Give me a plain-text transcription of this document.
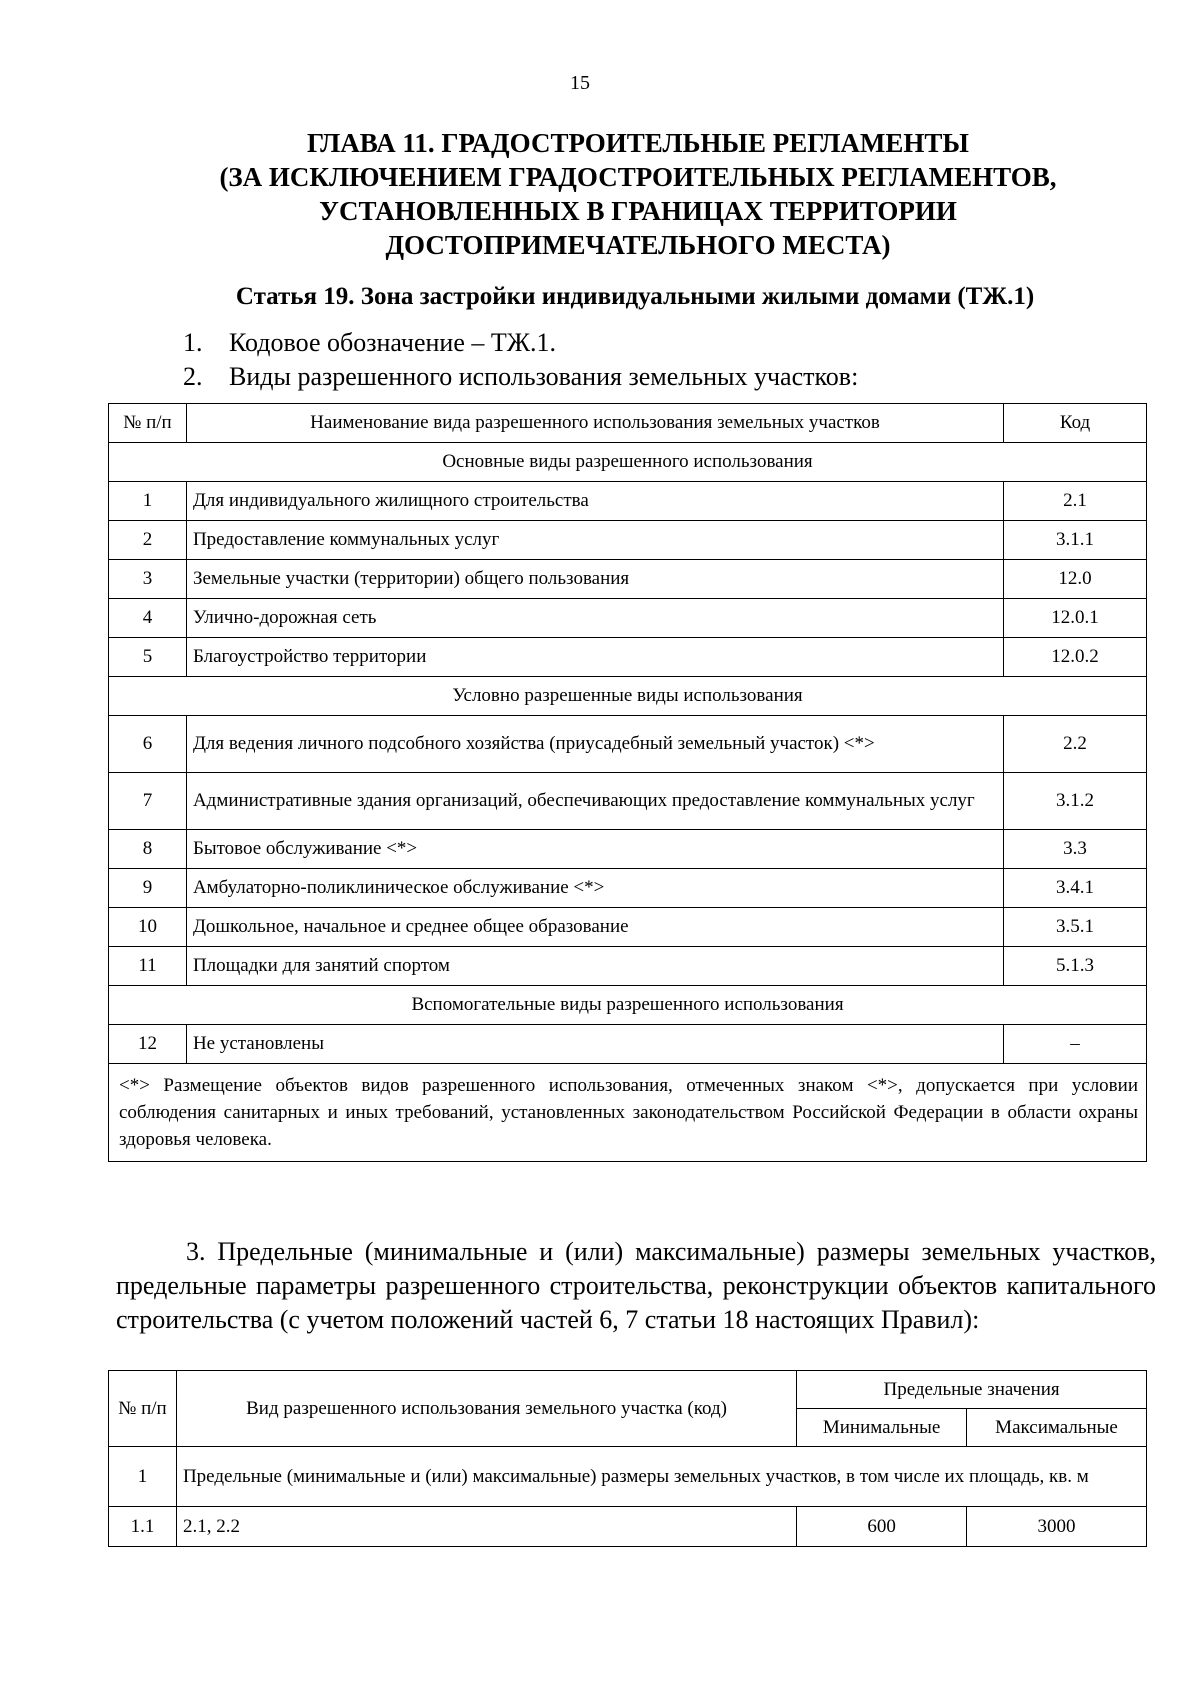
15
ГЛАВА 11. ГРАДОСТРОИТЕЛЬНЫЕ РЕГЛАМЕНТЫ
(ЗА ИСКЛЮЧЕНИЕМ ГРАДОСТРОИТЕЛЬНЫХ РЕГЛАМЕНТОВ,
УСТАНОВЛЕННЫХ В ГРАНИЦАХ ТЕРРИТОРИИ
ДОСТОПРИМЕЧАТЕЛЬНОГО МЕСТА)
Статья 19. Зона застройки индивидуальными жилыми домами (ТЖ.1)
1. Кодовое обозначение – ТЖ.1.
2. Виды разрешенного использования земельных участков:
№ п/п	Наименование вида разрешенного использования земельных участков	Код
Основные виды разрешенного использования		
1	Для индивидуального жилищного строительства	2.1
2	Предоставление коммунальных услуг	3.1.1
3	Земельные участки (территории) общего пользования	12.0
4	Улично-дорожная сеть	12.0.1
5	Благоустройство территории	12.0.2
Условно разрешенные виды использования		
6	Для ведения личного подсобного хозяйства (приусадебный земельный участок) <*>	2.2
7	Административные здания организаций, обеспечивающих предоставление коммунальных услуг	3.1.2
8	Бытовое обслуживание <*>	3.3
9	Амбулаторно-поликлиническое обслуживание <*>	3.4.1
10	Дошкольное, начальное и среднее общее образование	3.5.1
11	Площадки для занятий спортом	5.1.3
Вспомогательные виды разрешенного использования		
12	Не установлены	–
<*> Размещение объектов видов разрешенного использования, отмеченных знаком <*>, допускается при условии соблюдения санитарных и иных требований, установленных законодательством Российской Федерации в области охраны здоровья человека.		
3. Предельные (минимальные и (или) максимальные) размеры земельных участков, предельные параметры разрешенного строительства, реконструкции объектов капитального строительства (с учетом положений частей 6, 7 статьи 18 настоящих Правил):
№ п/п	Вид разрешенного использования земельного участка (код)	Предельные значения	
		Минимальные	Максимальные
1	Предельные (минимальные и (или) максимальные) размеры земельных участков, в том числе их площадь, кв. м		
1.1	2.1, 2.2	600	3000
